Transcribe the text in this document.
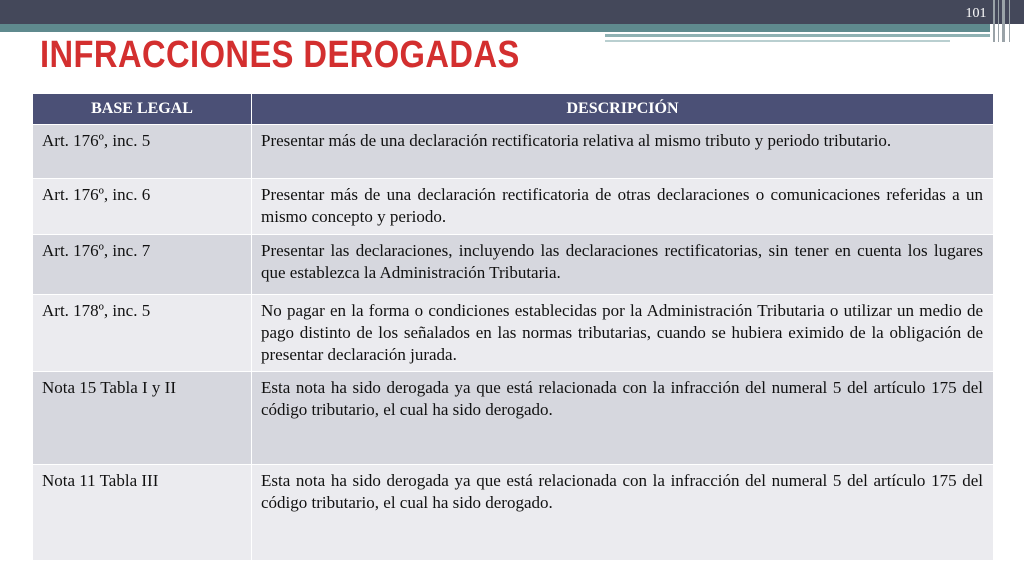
101
INFRACCIONES DEROGADAS
BASE LEGAL	DESCRIPCIÓN
Art. 176º, inc. 5	Presentar más de una declaración rectificatoria relativa al mismo tributo y periodo tributario.
Art. 176º, inc. 6	Presentar más de una declaración rectificatoria de otras declaraciones o comunicaciones referidas a un mismo concepto y periodo.
Art. 176º, inc. 7	Presentar las declaraciones, incluyendo las declaraciones rectificatorias, sin tener en cuenta los lugares que establezca la Administración Tributaria.
Art. 178º, inc. 5	No pagar en la forma o condiciones establecidas por la Administración Tributaria o utilizar un medio de pago distinto de los señalados en las normas tributarias, cuando se hubiera eximido de la obligación de presentar declaración jurada.
Nota 15 Tabla I y II	Esta nota ha sido derogada ya que está relacionada con la infracción del numeral 5 del artículo 175 del código tributario, el cual ha sido derogado.
Nota 11 Tabla III	Esta nota ha sido derogada ya que está relacionada con la infracción del numeral 5 del artículo 175 del código tributario, el cual ha sido derogado.
